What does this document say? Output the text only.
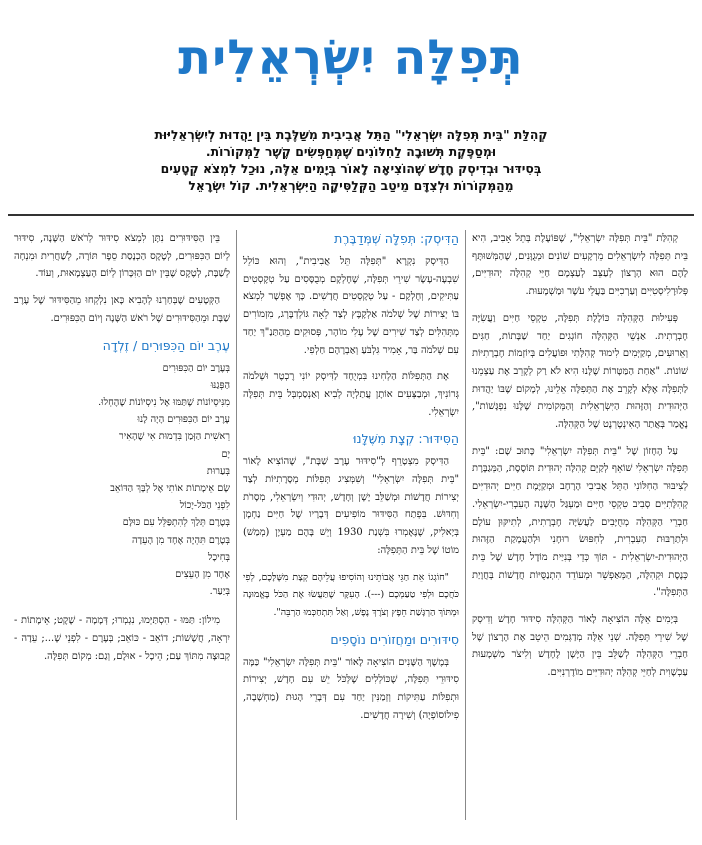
תְּפִלָּה יִשְׂרְאֵלִית
קְהִלַּת "בֵּית תְּפִלָּה יִשְׂרְאֵלִי" הַתֵּל אֲבִיבִית מִשַּׁלֶּבֶת בֵּין יַהֲדוּת לְיִשְׂרְאֵלִיּוּת
וּמְסַפֶּקֶת תְּשׁוּבָה לַחִלּוֹנִים שֶׁמְּחַפְּשִׂים קֶשֶׁר לַמְּקוֹרוֹת.
בְּסִידּוּר וּבְדִיסְק חָדָשׁ שֶׁהוֹצִיאָה לָאוֹר בְּיָמִים אֵלֶּה, נוּכַל לִמְצֹא קְטָעִים
מֵהַמְּקוֹרוֹת וּלְצִדָּם מֵיטַב הַקְּלַסִּיקָה הַיִּשְׂרְאֵלִית. קוֹל יִשְׂרָאֵל

קְהִלַּת "בֵּית תְּפִלָּה יִשְׂרְאֵלִי", שֶׁפּוֹעֶלֶת בְּתֵל אָבִיב, הִיא בֵּית תְּפִלָּה לְיִשְׂרְאֵלִים מֵרְקָעִים שׁוֹנִים וּמְגֻוָּנִים, שֶׁהַמְּשׁוּתָּף לָהֶם הוּא הָרָצוֹן לְעַצֵּב לְעַצְמָם חַיֵּי קְהִלָּה יְהוּדִיִּים, פְּלוּרָלִיסְטִיִּים וְעַרְכִיִּים בַּעֲלֵי עֹשֶׁר וּמַשְׁמָעוּת.

פְּעִילוּת הַקְּהִלָּה כּוֹלֶלֶת תְּפִלָּה, טִקְסֵי חַיִּים וַעֲשִׂיָּה חֶבְרָתִית. אַנְשֵׁי הַקְּהִלָּה חוֹגְגִים יַחַד שַׁבָּתוֹת, חַגִּים וְאֵרוּעִים, מְקַיְּמִים לִימוּד קְהִלָּתִי וּפוֹעֲלִים בְּיוֹזְמוֹת חֶבְרָתִיּוֹת שׁוֹנוֹת. "אַחַת הַמַּטָּרוֹת שֶׁלָּנוּ הִיא לֹא רַק לְקָרֵב אֶת עַצְמֵנוּ לַתְּפִלָּה אֶלָּא לְקָרֵב אֶת הַתְּפִלָּה אֵלֵינוּ, לְמָקוֹם שֶׁבּוֹ יַהֲדוּת הַיְּהוּדִית וְהַזֶּהוּת הַיִּשְׂרְאֵלִית וְהַמְּקוֹמִית שֶׁלָּנוּ נִפְגָּשׁוֹת", נֶאֱמַר בְּאֲתַר הָאִינְטֶרְנֶט שֶׁל הַקְּהִלָּה.

עַל הֶחָזוֹן שֶׁל "בֵּית תְּפִלָּה יִשְׂרְאֵלִי" כָּתוּב שָׁם: "בֵּית תְּפִלָּה יִשְׂרְאֵלִי שׁוֹאֵף לְקַיֵּם קְהִלָּה יְהוּדִית תּוֹסֶסֶת, הַמְּגַבֶּרֶת לְצִיבּוּר הַחִלּוֹנִי הַתֵּל אֲבִיבִי הָרָחָב וּמְקַיֶּמֶת חַיִּים יְהוּדִיִּים קְהִלָּתִיִּים סְבִיב טִקְסֵי חַיִּים וּמַעְגַּל הַשָּׁנָה הָעִבְרִי-יִשְׂרְאֵלִי. חַבְרֵי הַקְּהִלָּה מְחֻיָּבִים לַעֲשִׂיָּה חֶבְרָתִית, לְתִיקּוּן עוֹלָם וּלְתַרְבּוּת הָעִבְרִית, לְחִפּוּשׂ רוּחָנִי וּלְהַעֲמָקַת הַזֶּהוּת הַיְּהוּדִית-יִשְׂרְאֵלִית - תּוֹךְ כְּדֵי בְּנִיַּית מוֹדֶל חָדָשׁ שֶׁל בֵּית כְּנֶסֶת וּקְהִלָּה, הַמְּאַפְשֵׁר וּמְעוֹדֵד הִתְנַסֻּיּוֹת חֲדָשׁוֹת בְּחֲוָיַת הַתְּפִלָּה".

בְּיָמִים אֵלֶּה הוֹצִיאָה לָאוֹר הַקְּהִלָּה סִידּוּר חָדָשׁ וְדִיסְק שֶׁל שִׁירֵי תְּפִלָּה. שְׁנֵי אֵלֶּה מְדַגְּמִים הֵיטֵב אֶת הָרָצוֹן שֶׁל חַבְרֵי הַקְּהִלָּה לְשַׁלֵּב בֵּין הַיָּשָׁן לֶחָדָשׁ וְלִיצֹר מַשְׁמָעוּת עַכְשָׁוִית לְחַיֵּי קְהִלָּה יְהוּדִיִּים מוֹדֶרְנִיִּים.

הַדִּיסְק: תְּפִלָּה שְׁמְּדַבֶּרֶת

הַדִּיסְק נִקְרָא "תְּפִלָּה תֵּל אֲבִיבִית", וְהוּא כּוֹלֵל שִׁבְעָה-עָשָׂר שִׁירֵי תְּפִלָּה, שֶׁחֶלְקָם מְבֻסָּסִים עַל טְקָסְטִים עַתִּיקִים, וְחֶלְקָם - עַל טְקָסְטִים חֲדָשִׁים. כָּךְ אֶפְשָׁר לִמְצֹא בּוֹ יְצִירוֹת שֶׁל שְׁלֹמֹה אַלְקָבֶּץ לְצַד לֵאָה גּוֹלְדְבֶּרְג, מִזְמוֹרִים מְתְּהִלִּים לְצַד שִׁירִים שֶׁל עֶלִי מוֹהָר, פְּסוּקִים מֵהַתַּנַ"ךְ יַחַד עִם שְׁלֹמֹה בַּר, אָמִיר גִּלְבֹּעַ וְאַבְרָהָם חַלְפִי.

אֶת הַתְּפִלּוֹת הַלְחִינוּ בִּמְיֻחָד לַדִּיסְק יוֹנִי רֶכְטֶר וּשְׁלֹמֹה גְּרוֹנִיךְ, וּמְבַצְּעִים אוֹתָן עֲתַלְיָה לְבִיא וְאַנְסַמְבְּל בֵּית תְּפִלָּה יִשְׂרְאֵלִי.

הַסִּידּוּר: קְצָת מִשֶּׁלָּנוּ

הַדִּיסְק מִצְטָרֵף לְ"סִידּוּר עֶרֶב שַׁבָּת", שֶׁהוֹצִיא לָאוֹר "בֵּית תְּפִלָּה יִשְׂרְאֵלִי" וְשִׁמְּצִיג תְּפִלּוֹת מְסָרָתִיּוֹת לְצַד יְצִירוֹת חֲדָשׁוֹת וּמְשַׁלֵּב יָשָׁן וְחָדָשׁ, יְהוּדִי וְיִשְׂרְאֵלִי, מְסָרֹת וְחִדּוּשׁ. בִּפְתַח הַסִּידּוּר מוֹפִיעִים דְּבָרָיו שֶׁל חַיִּים נַחְמָן בְּיָאלִיק, שֶׁנֶּאֶמְרוּ בִּשְׁנַת 1930 וְיֵשׁ בָּהֶם מַעְיָן (מְמַשׁ) מוֹטוֹ שֶׁל בֵּית הַתְּפִלָּה:

"חוֹגְגוֹ אֵת חַגֵּי אֲבוֹתֵינוּ וְהוֹסִיפוּ עֲלֵיהֶם קְצָת מִשֶּׁלָּכֶם, לְפִי כֹּחֲכֶם וּלְפִי טַעַמְכֶם (---). הָעִקָּר שֶׁתַּעֲשׂוּ אֶת הַכֹּל בֶּאֱמוּנָה וּמְתּוֹךְ הַרְגָּשַׁת חֵפֶץ וְצֹרֶךְ נֶפֶשׁ, וְאַל תִּתְחַכְּמוּ הַרְבֵּה".

סִידּוּרִים וּמַחֲזוֹרִים נוֹסָפִים

בְּמֶשֶׁךְ הַשָּׁנִים הוֹצִיאָה לָאוֹר "בֵּית תְּפִלָּה יִשְׂרְאֵלִי" כַּמָּה סִידּוּרֵי תְּפִלָּה, שֶׁכּוֹלְלִים שֶׁלְּכֹּל יֵשׁ עִם חָדָשׁ, יְצִירוֹת וּתְפִלּוֹת עַתִּיקוֹת וְזְמַנִּין יַחַד עִם דְּבָרֵי הָגוּת (מַחְשָׁבָה, פִילוֹסוֹפְיָה) וְשִׁירָה חֲדָשִׁים.

בֵּין הַסִּידּוּרִים נִתָּן לִמְצֹא סִידּוּר לְרֹאשׁ הַשָּׁנָה, סִידּוּר לְיוֹם הַכִּפּוּרִים, לְטֶקֶס הַכְנָסַת סֵפֶר תּוֹרָה, לְשַׁחֲרִית וּמִנְחָה לְשַׁבָּת, לְטֶקֶס שֶׁבֵּין יוֹם הַזִּכָּרוֹן לְיוֹם הָעַצְמָאוּת, וְעוֹד.

הַקְּטָעִים שֶׁבְּחַרְנוּ לְהָבִיא כָּאן נִלְקְחוּ מֵהַסִּידּוּר שֶׁל עֶרֶב שַׁבָּת וּמֵהַסִּידּוּרִים שֶׁל רֹאשׁ הַשָּׁנָה וְיוֹם הַכִּפּוּרִים.

עֶרֶב יוֹם הַכִּפּוּרִים / זֶלְדָה
בְּעֶרֶב יוֹם הַכִּפּוּרִים
הַפְּגַנּוּ
מִנִּיסְיוֹנוֹת שֶׁתַּמּוּ אֶל נִיסְיוֹנוֹת שֶׁהֶחְלוּ.
עֶרֶב יוֹם הַכִּפּוּרִים הָיָה לָנוּ
רֵאשִׁית הַזְּמַן בִּדְמוּת אִי שֶׁהָאִיר
יָם
בְּעַרוּת
שָׂם אֵימָתוֹת אוֹתִי אֶל לְבָּךְ הַדּוֹאֵב
לִפְנֵי הַכֹּל-יָכוֹל
בְּטֶרֶם תְּלַךְ לְהִתְפַּלֵּל עִם כּוּלָּם
בְּטֶרֶם תִּהְיֶה אֶחָד מִן הָעֵדָה
בְּחִיכָל
אֶחָד מִן הָעֵצִים
בְּיַעַר.

מִילוֹן: תַּמּוּ - הִסְתַּיְּמוּ, נִגְמְרוּ; דְּמָמָה - שֶׁקֶט; אֵימָתוֹת - יִרְאָה, חֲשָׁשׁוֹת; דוֹאֵב - כּוֹאֵב; בְּעֶרֶם - לִפְנֵי שֶׁ...; עֵדָה - קְבוּצָה מִתּוֹךְ עַם; הֵיכָל - אוּלָם, וְגַם: מְקוֹם תְּפִלָּה.
